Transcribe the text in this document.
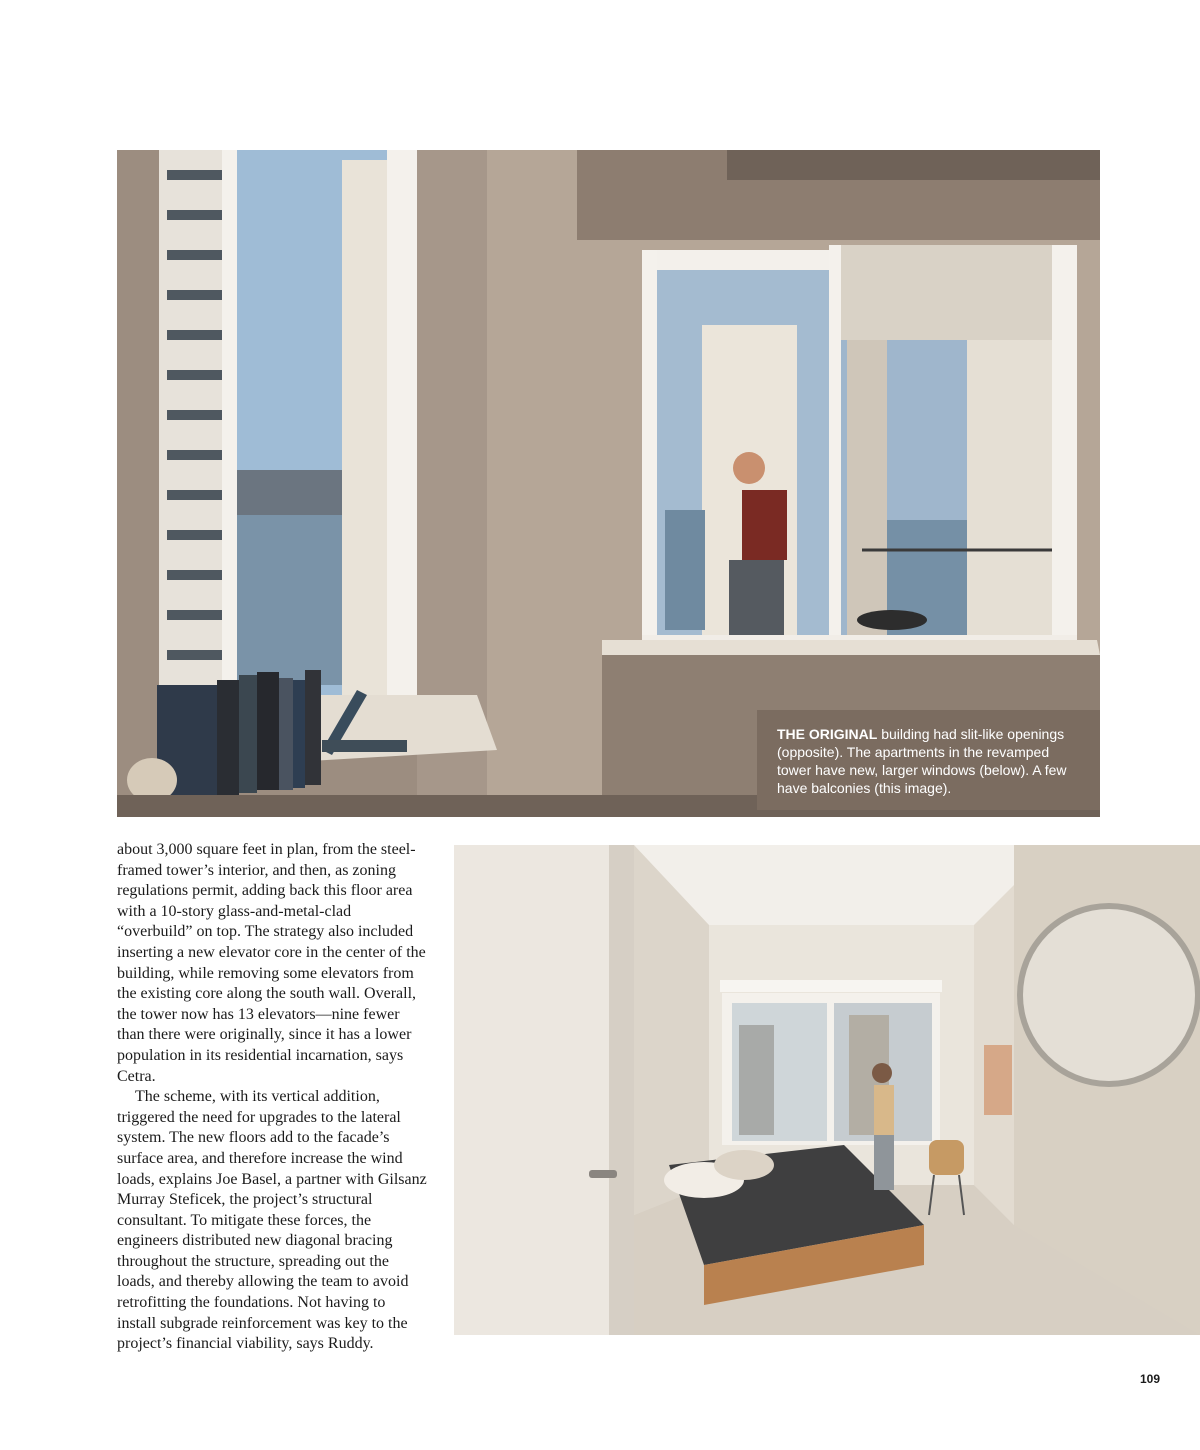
THE ORIGINAL building had slit-like openings (opposite). The apartments in the revamped tower have new, larger windows (below). A few have balconies (this image).

about 3,000 square feet in plan, from the steel-framed tower’s interior, and then, as zoning regulations permit, adding back this floor area with a 10-story glass-and-metal-clad “overbuild” on top. The strategy also included inserting a new elevator core in the center of the building, while removing some elevators from the existing core along the south wall. Overall, the tower now has 13 elevators—nine fewer than there were originally, since it has a lower population in its residential incarnation, says Cetra.

The scheme, with its vertical addition, triggered the need for upgrades to the lateral system. The new floors add to the facade’s surface area, and therefore increase the wind loads, explains Joe Basel, a partner with Gilsanz Murray Steficek, the project’s structural consultant. To mitigate these forces, the engineers distributed new diagonal bracing throughout the structure, spreading out the loads, and thereby allowing the team to avoid retrofitting the foundations. Not having to install subgrade reinforcement was key to the project’s financial viability, says Ruddy.

109
